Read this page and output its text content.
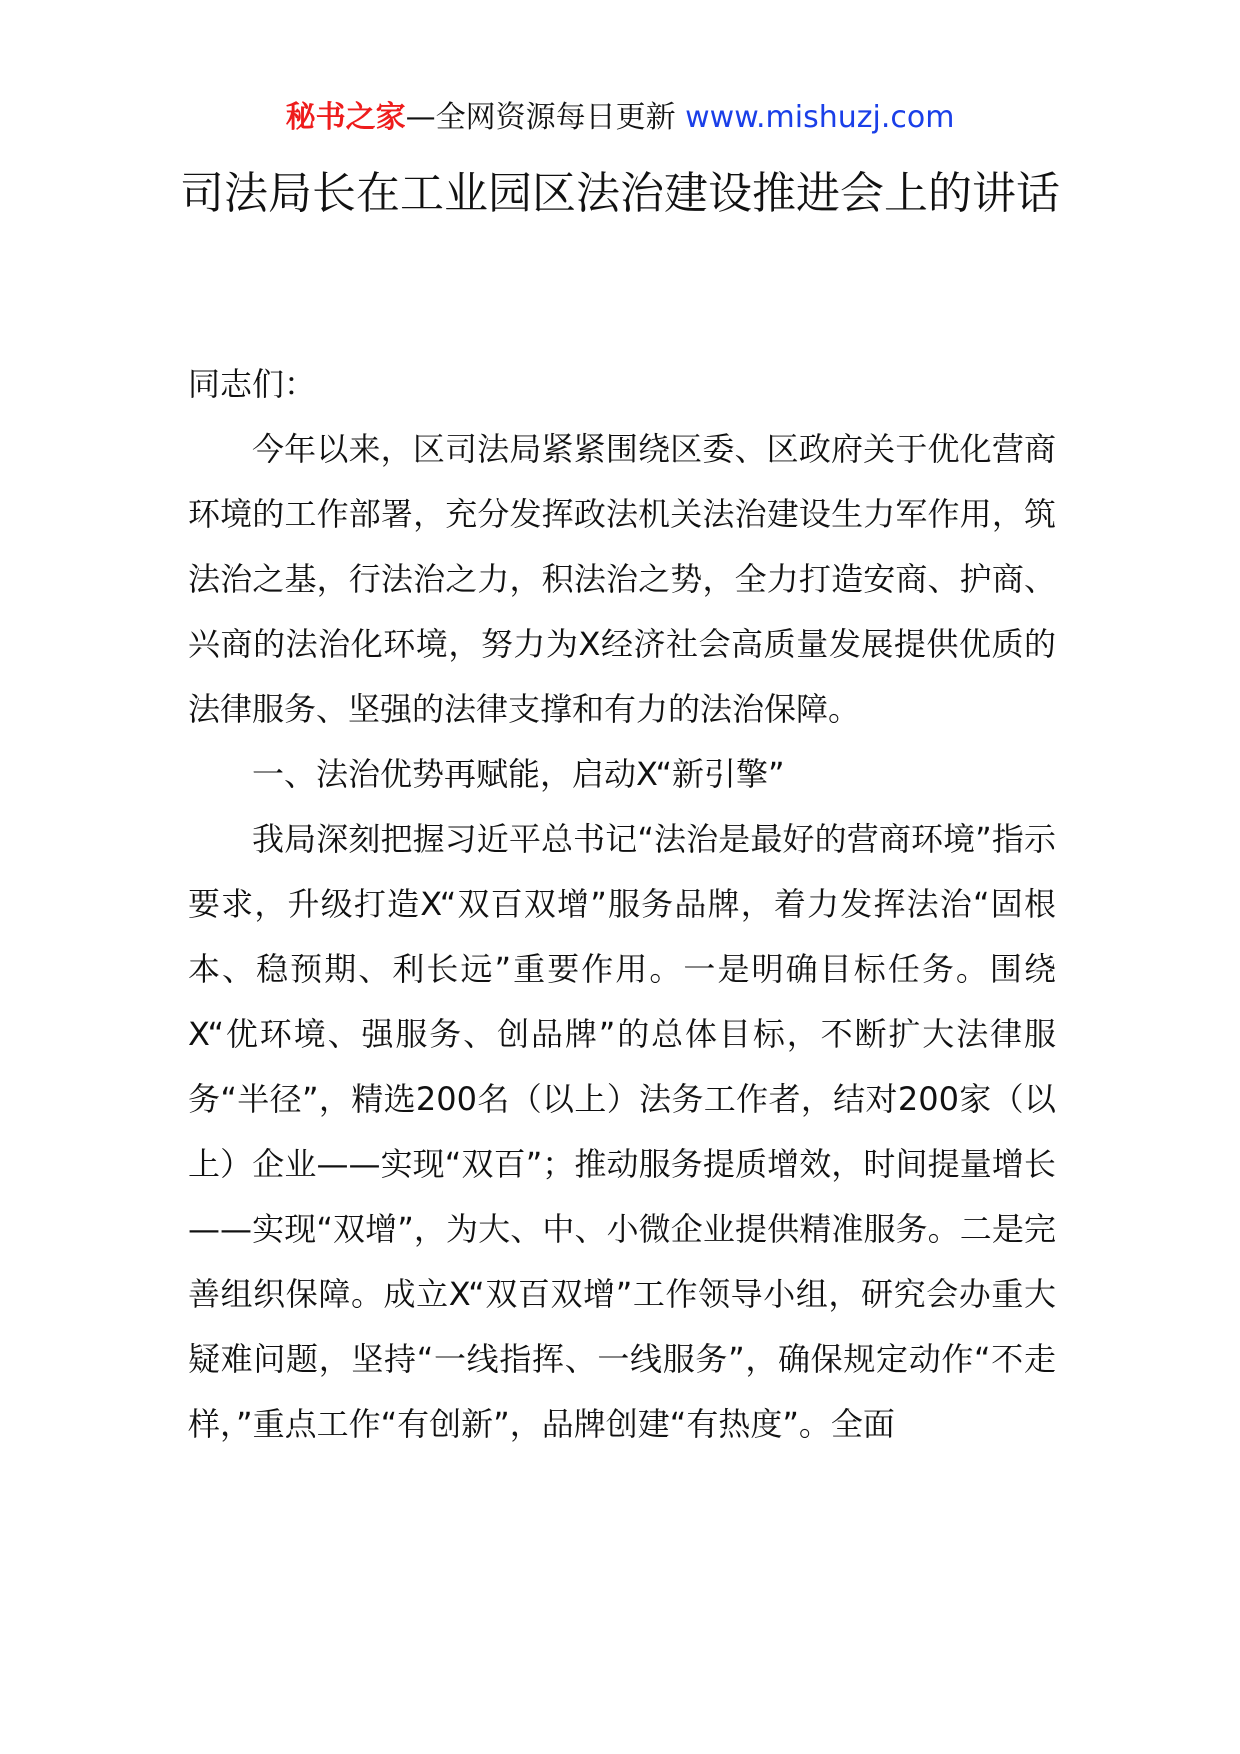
秘书之家—全网资源每日更新 www.mishuzj.com
司法局长在工业园区法治建设推进会上的讲话

同志们：

今年以来，区司法局紧紧围绕区委、区政府关于优化营商环境的工作部署，充分发挥政法机关法治建设生力军作用，筑法治之基，行法治之力，积法治之势，全力打造安商、护商、兴商的法治化环境，努力为X经济社会高质量发展提供优质的法律服务、坚强的法律支撑和有力的法治保障。

一、法治优势再赋能，启动X“新引擎”

我局深刻把握习近平总书记“法治是最好的营商环境”指示要求，升级打造X“双百双增”服务品牌，着力发挥法治“固根本、稳预期、利长远”重要作用。一是明确目标任务。围绕X“优环境、强服务、创品牌”的总体目标，不断扩大法律服务“半径”，精选200名（以上）法务工作者，结对200家（以上）企业——实现“双百”；推动服务提质增效，时间提量增长——实现“双增”，为大、中、小微企业提供精准服务。二是完善组织保障。成立X“双百双增”工作领导小组，研究会办重大疑难问题，坚持“一线指挥、一线服务”，确保规定动作“不走样，”重点工作“有创新”，品牌创建“有热度”。全面
